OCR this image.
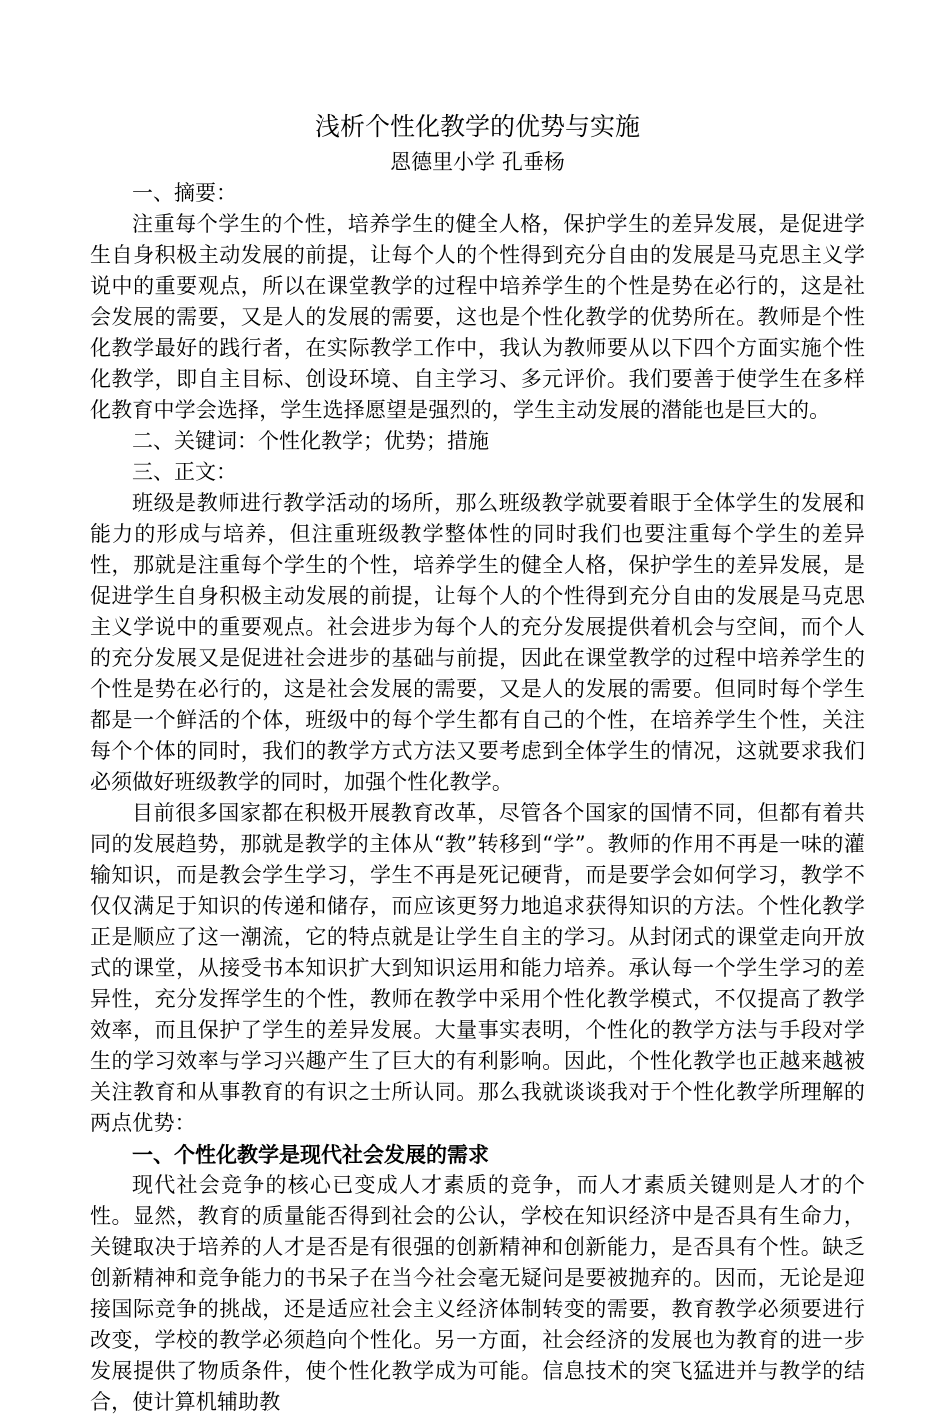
浅析个性化教学的优势与实施

恩德里小学 孔垂杨

一、摘要：

注重每个学生的个性，培养学生的健全人格，保护学生的差异发展，是促进学生自身积极主动发展的前提，让每个人的个性得到充分自由的发展是马克思主义学说中的重要观点，所以在课堂教学的过程中培养学生的个性是势在必行的，这是社会发展的需要，又是人的发展的需要，这也是个性化教学的优势所在。教师是个性化教学最好的践行者，在实际教学工作中，我认为教师要从以下四个方面实施个性化教学，即自主目标、创设环境、自主学习、多元评价。我们要善于使学生在多样化教育中学会选择，学生选择愿望是强烈的，学生主动发展的潜能也是巨大的。

二、关键词：个性化教学；优势；措施

三、正文：

班级是教师进行教学活动的场所，那么班级教学就要着眼于全体学生的发展和能力的形成与培养，但注重班级教学整体性的同时我们也要注重每个学生的差异性，那就是注重每个学生的个性，培养学生的健全人格，保护学生的差异发展，是促进学生自身积极主动发展的前提，让每个人的个性得到充分自由的发展是马克思主义学说中的重要观点。社会进步为每个人的充分发展提供着机会与空间，而个人的充分发展又是促进社会进步的基础与前提，因此在课堂教学的过程中培养学生的个性是势在必行的，这是社会发展的需要，又是人的发展的需要。但同时每个学生都是一个鲜活的个体，班级中的每个学生都有自己的个性，在培养学生个性，关注每个个体的同时，我们的教学方式方法又要考虑到全体学生的情况，这就要求我们必须做好班级教学的同时，加强个性化教学。

目前很多国家都在积极开展教育改革，尽管各个国家的国情不同，但都有着共同的发展趋势，那就是教学的主体从“教”转移到“学”。教师的作用不再是一味的灌输知识，而是教会学生学习，学生不再是死记硬背，而是要学会如何学习，教学不仅仅满足于知识的传递和储存，而应该更努力地追求获得知识的方法。个性化教学正是顺应了这一潮流，它的特点就是让学生自主的学习。从封闭式的课堂走向开放式的课堂，从接受书本知识扩大到知识运用和能力培养。承认每一个学生学习的差异性，充分发挥学生的个性，教师在教学中采用个性化教学模式，不仅提高了教学效率，而且保护了学生的差异发展。大量事实表明，个性化的教学方法与手段对学生的学习效率与学习兴趣产生了巨大的有利影响。因此，个性化教学也正越来越被关注教育和从事教育的有识之士所认同。那么我就谈谈我对于个性化教学所理解的两点优势：

一、个性化教学是现代社会发展的需求

现代社会竞争的核心已变成人才素质的竞争，而人才素质关键则是人才的个性。显然，教育的质量能否得到社会的公认，学校在知识经济中是否具有生命力，关键取决于培养的人才是否是有很强的创新精神和创新能力，是否具有个性。缺乏创新精神和竞争能力的书呆子在当今社会毫无疑问是要被抛弃的。因而，无论是迎接国际竞争的挑战，还是适应社会主义经济体制转变的需要，教育教学必须要进行改变，学校的教学必须趋向个性化。另一方面，社会经济的发展也为教育的进一步发展提供了物质条件，使个性化教学成为可能。信息技术的突飞猛进并与教学的结合，使计算机辅助教
